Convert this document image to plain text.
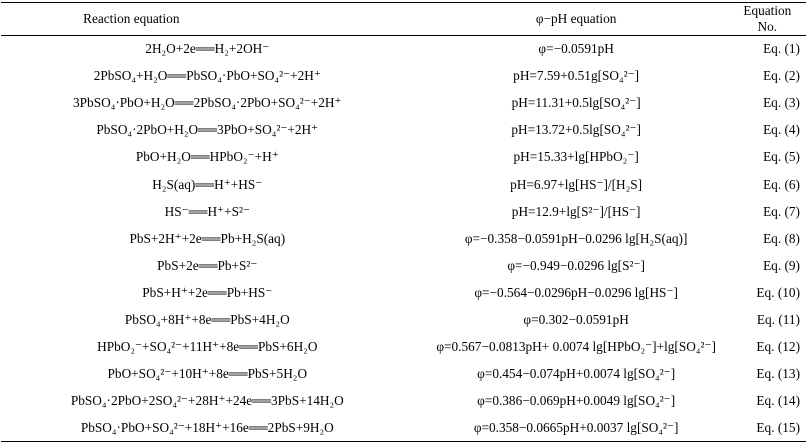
Reaction equation	φ−pH equation	Equation No.
2H₂O+2e══H₂+2OH⁻	φ=−0.0591pH	Eq. (1)
2PbSO₄+H₂O══PbSO₄·PbO+SO₄²⁻+2H⁺	pH=7.59+0.51g[SO₄²⁻]	Eq. (2)
3PbSO₄·PbO+H₂O══2PbSO₄·2PbO+SO₄²⁻+2H⁺	pH=11.31+0.5lg[SO₄²⁻]	Eq. (3)
PbSO₄·2PbO+H₂O══3PbO+SO₄²⁻+2H⁺	pH=13.72+0.5lg[SO₄²⁻]	Eq. (4)
PbO+H₂O══HPbO₂⁻+H⁺	pH=15.33+lg[HPbO₂⁻]	Eq. (5)
H₂S(aq)══H⁺+HS⁻	pH=6.97+lg[HS⁻]/[H₂S]	Eq. (6)
HS⁻══H⁺+S²⁻	pH=12.9+lg[S²⁻]/[HS⁻]	Eq. (7)
PbS+2H⁺+2e══Pb+H₂S(aq)	φ=−0.358−0.0591pH−0.0296 lg[H₂S(aq)]	Eq. (8)
PbS+2e══Pb+S²⁻	φ=−0.949−0.0296 lg[S²⁻]	Eq. (9)
PbS+H⁺+2e══Pb+HS⁻	φ=−0.564−0.0296pH−0.0296 lg[HS⁻]	Eq. (10)
PbSO₄+8H⁺+8e══PbS+4H₂O	φ=0.302−0.0591pH	Eq. (11)
HPbO₂⁻+SO₄²⁻+11H⁺+8e══PbS+6H₂O	φ=0.567−0.0813pH+ 0.0074 lg[HPbO₂⁻]+lg[SO₄²⁻]	Eq. (12)
PbO+SO₄²⁻+10H⁺+8e══PbS+5H₂O	φ=0.454−0.074pH+0.0074 lg[SO₄²⁻]	Eq. (13)
PbSO₄·2PbO+2SO₄²⁻+28H⁺+24e══3PbS+14H₂O	φ=0.386−0.069pH+0.0049 lg[SO₄²⁻]	Eq. (14)
PbSO₄·PbO+SO₄²⁻+18H⁺+16e══2PbS+9H₂O	φ=0.358−0.0665pH+0.0037 lg[SO₄²⁻]	Eq. (15)
